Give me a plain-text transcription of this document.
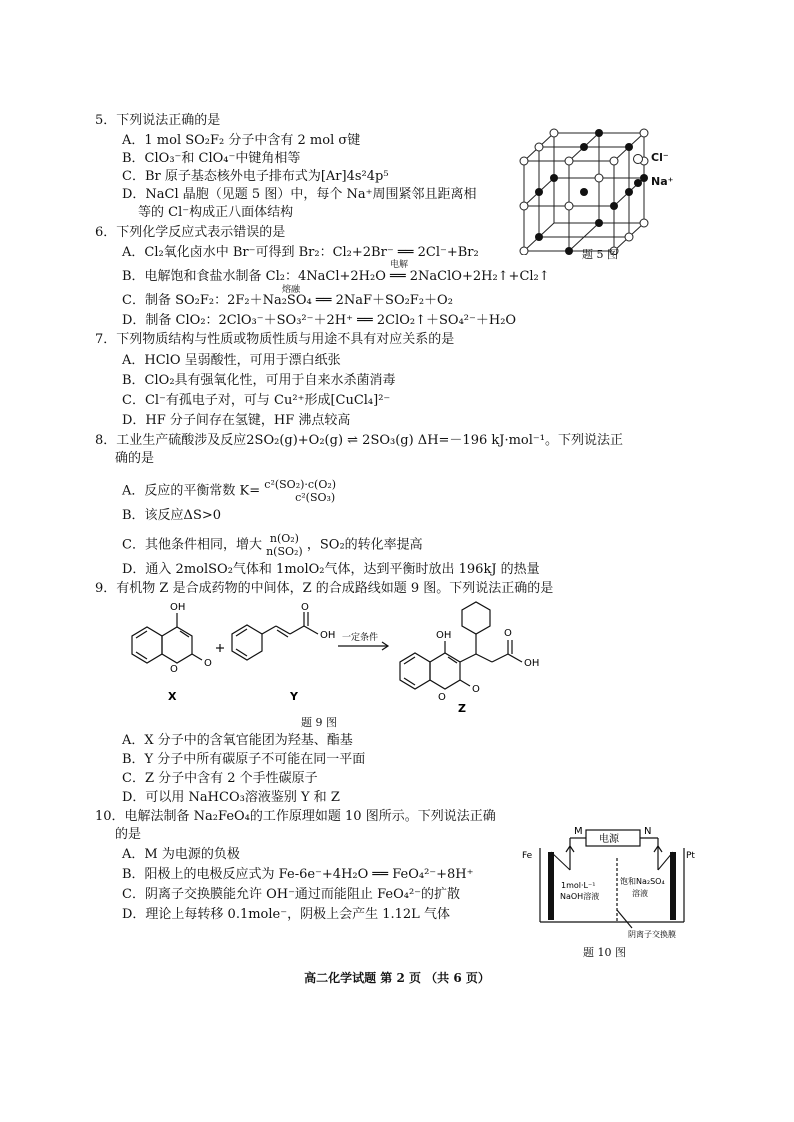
5．下列说法正确的是
A．1 mol SO₂F₂ 分子中含有 2 mol σ键
B．ClO₃⁻和 ClO₄⁻中键角相等
C．Br 原子基态核外电子排布式为[Ar]4s²4p⁵
D．NaCl 晶胞（见题 5 图）中，每个 Na⁺周围紧邻且距离相
等的 Cl⁻构成正八面体结构
Cl⁻
Na⁺
题 5 图
6．下列化学反应式表示错误的是
A．Cl₂氧化卤水中 Br⁻可得到 Br₂：Cl₂+2Br⁻ ══ 2Cl⁻+Br₂
电解
B．电解饱和食盐水制备 Cl₂：4NaCl+2H₂O ══ 2NaClO+2H₂↑+Cl₂↑
熔融
C．制备 SO₂F₂：2F₂＋Na₂SO₄ ══ 2NaF＋SO₂F₂＋O₂
D．制备 ClO₂：2ClO₃⁻＋SO₃²⁻＋2H⁺ ══ 2ClO₂↑＋SO₄²⁻＋H₂O
7．下列物质结构与性质或物质性质与用途不具有对应关系的是
A．HClO 呈弱酸性，可用于漂白纸张
B．ClO₂具有强氧化性，可用于自来水杀菌消毒
C．Cl⁻有孤电子对，可与 Cu²⁺形成[CuCl₄]²⁻
D．HF 分子间存在氢键，HF 沸点较高
8．工业生产硫酸涉及反应2SO₂(g)+O₂(g) ⇌ 2SO₃(g) ΔH=－196 kJ·mol⁻¹。下列说法正
确的是
A．反应的平衡常数 K= c²(SO₂)·c(O₂)
c²(SO₃)
B．该反应ΔS>0
C．其他条件相同，增大 n(O₂)
n(SO₂) ，SO₂的转化率提高
D．通入 2molSO₂气体和 1molO₂气体，达到平衡时放出 196kJ 的热量
9．有机物 Z 是合成药物的中间体，Z 的合成路线如题 9 图。下列说法正确的是
OH
O
O
O
OH 一定条件	OH
O
O
O
OH
X	Y
Z
题 9 图
A．X 分子中的含氧官能团为羟基、酯基
B．Y 分子中所有碳原子不可能在同一平面
C．Z 分子中含有 2 个手性碳原子
D．可以用 NaHCO₃溶液鉴别 Y 和 Z
10．电解法制备 Na₂FeO₄的工作原理如题 10 图所示。下列说法正确
的是
A．M 为电源的负极
B．阳极上的电极反应式为 Fe-6e⁻+4H₂O ══ FeO₄²⁻+8H⁺
C．阴离子交换膜能允许 OH⁻通过而能阻止 FeO₄²⁻的扩散
D．理论上每转移 0.1mole⁻，阴极上会产生 1.12L 气体
电源
M	N
Fe	Pt
1mol·L⁻¹
NaOH溶液
饱和Na₂SO₄
溶液
阴离子交换膜
题 10 图
高二化学试题 第 2 页 （共 6 页）
